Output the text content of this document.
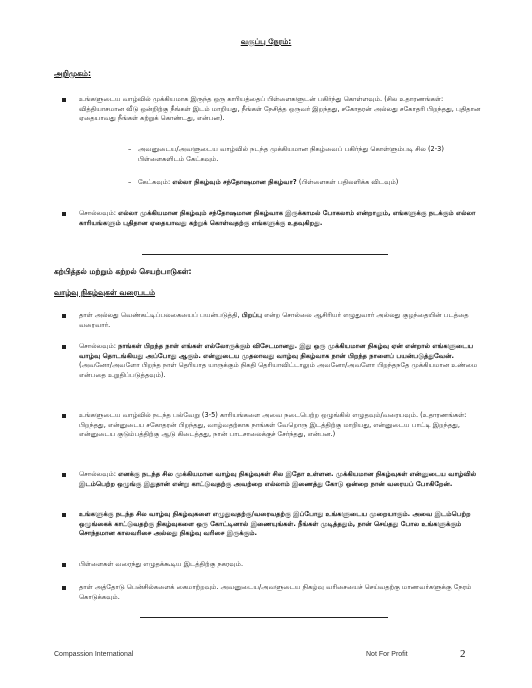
வகுப்பு நேரம்:
அறிமுகம்:
உங்களுடைய வாழ்வில் முக்கியமாக இருந்த ஒரு காரியத்தைப் பிள்ளைகளுடன் பகிர்ந்து கொள்ளவும். (சில உதாரணங்கள்: வித்தியாசமான வீடு ஒன்றிற்கு நீங்கள் இடம் மாறியது, நீங்கள் நேசித்த ஒருவர் இறந்தது, சகோதரன் அல்லது சகோதரி பிறந்தது, புதிதான ஏதையாவது நீங்கள் கற்றுக் கொண்டது, என்பன).
– அவனுடைய/அவளுடைய வாழ்வில் நடந்த முக்கியமான நிகழ்வைப் பகிர்ந்து கொள்ளும்படி சில (2-3) பிள்ளைகளிடம் கேட்கவும்.
– கேட்கவும்: எல்லா நிகழ்வும் சந்தோஷமான நிகழ்வா? (பிள்ளைகள் பதிலளிக்க விடவும்)
சொல்லவும்: எல்லா முக்கியமான நிகழ்வும் சந்தோஷமான நிகழ்வாக இருக்காமல் போகலாம் என்றாலும், எங்களுக்கு நடக்கும் எல்லா காரியங்களும் புதிதான ஏதையாவது கற்றுக் கொள்வதற்கு எங்களுக்கு உதவுகிறது.
கற்பித்தல் மற்றும் கற்றல் செயற்பாடுகள்:
வாழ்வு நிகழ்வுகள் வரைபடம்
தாள் அல்லது வெண்கட்டிப்பலகையைப் பயன்படுத்தி, பிறப்பு என்ற சொல்லை ஆசிரியர் எழுதுவார் அல்லது குழந்தையின் படத்தை வரைவார்.
சொல்லவும்: நாங்கள் பிறந்த நாள் எங்கள் எல்லோருக்கும் விசேடமானது. இது ஒரு முக்கியமான நிகழ்வு ஏன் என்றால் எங்களுடைய வாழ்வு தொடங்கியது அப்போது ஆகும். என்னுடைய முதலாவது வாழ்வு நிகழ்வாக நான் பிறந்த நாளைப் பயன்படுத்துவேன். (அவனோ/அவளோ பிறந்த நாள் தெரியாத யாருக்கும் நிகதி தெரியாவிட்டாலும் அவனோ/அவளோ பிறந்தநதே முக்கியமான உண்மை என்பதை உறுதிப்படுத்தவும்).
உங்களுடைய வாழ்வில் நடந்த பல்வேறு (3-5) காரியங்களை அவை நடைபெற்ற ஒழுங்கில் எழுதவும்/வரையவும். (உதாரணங்கள்: பிறந்தது, என்னுடைய சகோதரன் பிறந்தது, வாழ்வதற்காக நாங்கள் வேறொரு இடத்திற்கு மாறியது, என்னுடைய பாட்டி இறந்தது, என்னுடைய குடும்பத்திற்கு ஆடு கிடைத்தது, நான் பாடசாலைக்குச் சேர்ந்தது, என்பன.)
சொல்லவும்: எனக்கு நடந்த சில முக்கியமான வாழ்வு நிகழ்வுகள் சில இதோ உள்ளன. முக்கியமான நிகழ்வுகள் என்னுடைய வாழ்வில் இடம்பெற்ற ஒழுங்கு இதுதான் என்று காட்டுவதற்கு அவற்றை எல்லாம் இணைத்து கோடு ஒன்றை நான் வரையப் போகிறேன்.
உங்களுக்கு நடந்த சில வாழ்வு நிகழ்வுகளை எழுதுவதற்கு/வரைவதற்கு இப்போது உங்களுடைய முறையாகும். அவை இடம்பெற்ற ஒழுங்கைக் காட்டுவதற்கு நிகழ்வுகளை ஒரு கோட்டினால் இணையுங்கள். நீங்கள் முடித்ததும், நான் செய்தது போல உங்களுக்கும் சொந்தமான காலவரிசை அல்லது நிகழ்வு வரிசை இருக்கும்.
பிள்ளைகள் வரைந்து எழுதக்கூடிய இடத்திற்கு நகரவும்.
தாள் அத்தோடு பென்சில்களைக் கைமாற்றவும். அவனுடைய/அவளுடைய நிகழ்வு வரிசையைச் செய்வதற்கு மாணவர்களுக்கு நேரம் கொடுக்கவும்.
Compassion International	Not For Profit	2
